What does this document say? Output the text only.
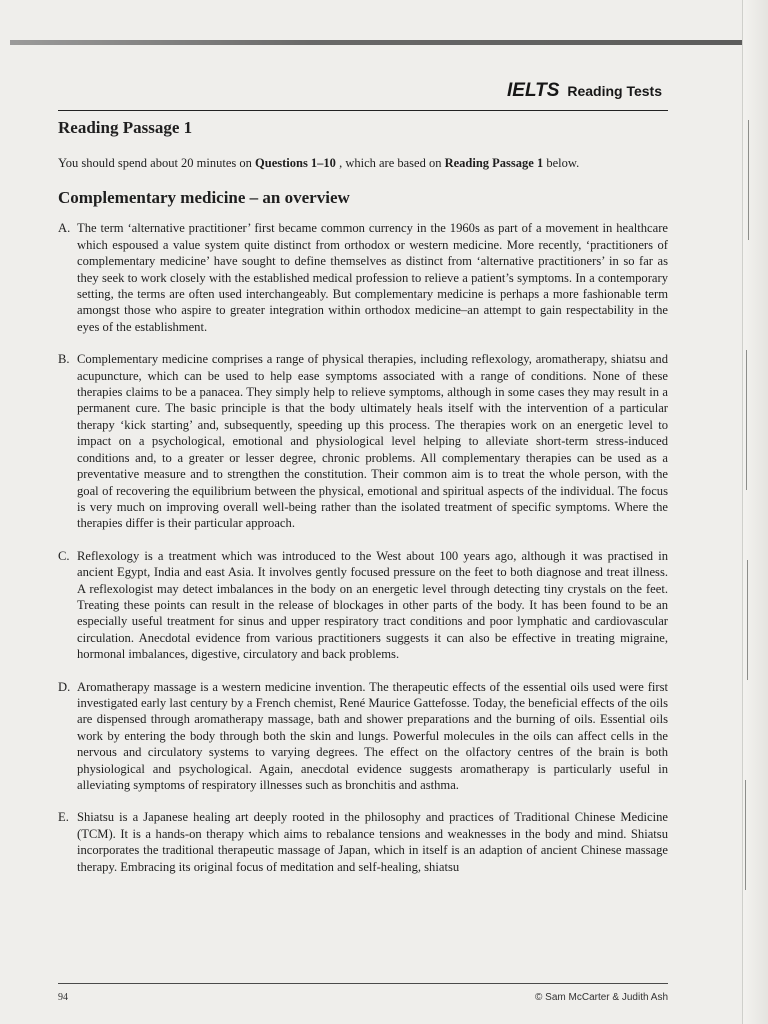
IELTS Reading Tests
Reading Passage 1

You should spend about 20 minutes on Questions 1–10 , which are based on Reading Passage 1 below.

Complementary medicine – an overview
A. The term ‘alternative practitioner’ first became common currency in the 1960s as part of a movement in healthcare which espoused a value system quite distinct from orthodox or western medicine. More recently, ‘practitioners of complementary medicine’ have sought to define themselves as distinct from ‘alternative practitioners’ in so far as they seek to work closely with the established medical profession to relieve a patient’s symptoms. In a contemporary setting, the terms are often used interchangeably. But complementary medicine is perhaps a more fashionable term amongst those who aspire to greater integration within orthodox medicine–an attempt to gain respectability in the eyes of the establishment.
B. Complementary medicine comprises a range of physical therapies, including reflexology, aromatherapy, shiatsu and acupuncture, which can be used to help ease symptoms associated with a range of conditions. None of these therapies claims to be a panacea. They simply help to relieve symptoms, although in some cases they may result in a permanent cure. The basic principle is that the body ultimately heals itself with the intervention of a particular therapy ‘kick starting’ and, subsequently, speeding up this process. The therapies work on an energetic level to impact on a psychological, emotional and physiological level helping to alleviate short-term stress-induced conditions and, to a greater or lesser degree, chronic problems. All complementary therapies can be used as a preventative measure and to strengthen the constitution. Their common aim is to treat the whole person, with the goal of recovering the equilibrium between the physical, emotional and spiritual aspects of the individual. The focus is very much on improving overall well-being rather than the isolated treatment of specific symptoms. Where the therapies differ is their particular approach.
C. Reflexology is a treatment which was introduced to the West about 100 years ago, although it was practised in ancient Egypt, India and east Asia. It involves gently focused pressure on the feet to both diagnose and treat illness. A reflexologist may detect imbalances in the body on an energetic level through detecting tiny crystals on the feet. Treating these points can result in the release of blockages in other parts of the body. It has been found to be an especially useful treatment for sinus and upper respiratory tract conditions and poor lymphatic and cardiovascular circulation. Anecdotal evidence from various practitioners suggests it can also be effective in treating migraine, hormonal imbalances, digestive, circulatory and back problems.
D. Aromatherapy massage is a western medicine invention. The therapeutic effects of the essential oils used were first investigated early last century by a French chemist, René Maurice Gattefosse. Today, the beneficial effects of the oils are dispensed through aromatherapy massage, bath and shower preparations and the burning of oils. Essential oils work by entering the body through both the skin and lungs. Powerful molecules in the oils can affect cells in the nervous and circulatory systems to varying degrees. The effect on the olfactory centres of the brain is both physiological and psychological. Again, anecdotal evidence suggests aromatherapy is particularly useful in alleviating symptoms of respiratory illnesses such as bronchitis and asthma.
E. Shiatsu is a Japanese healing art deeply rooted in the philosophy and practices of Traditional Chinese Medicine (TCM). It is a hands-on therapy which aims to rebalance tensions and weaknesses in the body and mind. Shiatsu incorporates the traditional therapeutic massage of Japan, which in itself is an adaption of ancient Chinese massage therapy. Embracing its original focus of meditation and self-healing, shiatsu
94	© Sam McCarter & Judith Ash
